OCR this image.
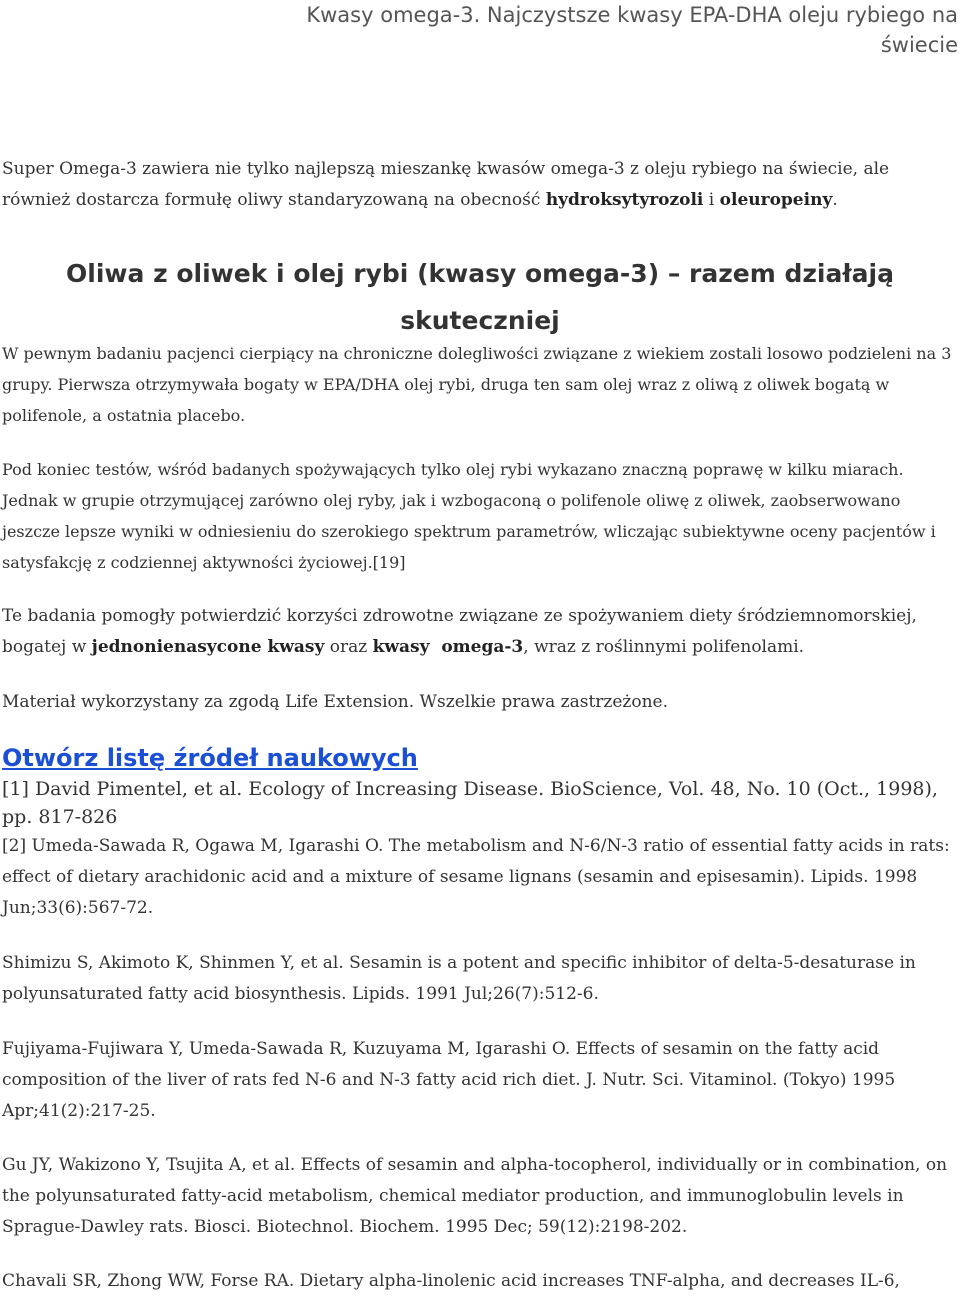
Kwasy omega-3. Najczystsze kwasy EPA-DHA oleju rybiego na świecie

Super Omega-3 zawiera nie tylko najlepszą mieszankę kwasów omega-3 z oleju rybiego na świecie, ale również dostarcza formułę oliwy standaryzowaną na obecność hydroksytyrozoli i oleuropeiny.

Oliwa z oliwek i olej rybi (kwasy omega-3) – razem działają skuteczniej

W pewnym badaniu pacjenci cierpiący na chroniczne dolegliwości związane z wiekiem zostali losowo podzieleni na 3 grupy. Pierwsza otrzymywała bogaty w EPA/DHA olej rybi, druga ten sam olej wraz z oliwą z oliwek bogatą w polifenole, a ostatnia placebo.

Pod koniec testów, wśród badanych spożywających tylko olej rybi wykazano znaczną poprawę w kilku miarach. Jednak w grupie otrzymującej zarówno olej ryby, jak i wzbogaconą o polifenole oliwę z oliwek, zaobserwowano jeszcze lepsze wyniki w odniesieniu do szerokiego spektrum parametrów, wliczając subiektywne oceny pacjentów i satysfakcję z codziennej aktywności życiowej.[19]

Te badania pomogły potwierdzić korzyści zdrowotne związane ze spożywaniem diety śródziemnomorskiej, bogatej w jednonienasycone kwasy oraz kwasy  omega-3, wraz z roślinnymi polifenolami.

Materiał wykorzystany za zgodą Life Extension. Wszelkie prawa zastrzeżone.

Otwórz listę źródeł naukowych

[1] David Pimentel, et al. Ecology of Increasing Disease. BioScience, Vol. 48, No. 10 (Oct., 1998), pp. 817-826

[2] Umeda-Sawada R, Ogawa M, Igarashi O. The metabolism and N-6/N-3 ratio of essential fatty acids in rats: effect of dietary arachidonic acid and a mixture of sesame lignans (sesamin and episesamin). Lipids. 1998 Jun;33(6):567-72.

Shimizu S, Akimoto K, Shinmen Y, et al. Sesamin is a potent and specific inhibitor of delta-5-desaturase in polyunsaturated fatty acid biosynthesis. Lipids. 1991 Jul;26(7):512-6.

Fujiyama-Fujiwara Y, Umeda-Sawada R, Kuzuyama M, Igarashi O. Effects of sesamin on the fatty acid composition of the liver of rats fed N-6 and N-3 fatty acid rich diet. J. Nutr. Sci. Vitaminol. (Tokyo) 1995 Apr;41(2):217-25.

Gu JY, Wakizono Y, Tsujita A, et al. Effects of sesamin and alpha-tocopherol, individually or in combination, on the polyunsaturated fatty-acid metabolism, chemical mediator production, and immunoglobulin levels in Sprague-Dawley rats. Biosci. Biotechnol. Biochem. 1995 Dec; 59(12):2198-202.

Chavali SR, Zhong WW, Forse RA. Dietary alpha-linolenic acid increases TNF-alpha, and decreases IL-6,
